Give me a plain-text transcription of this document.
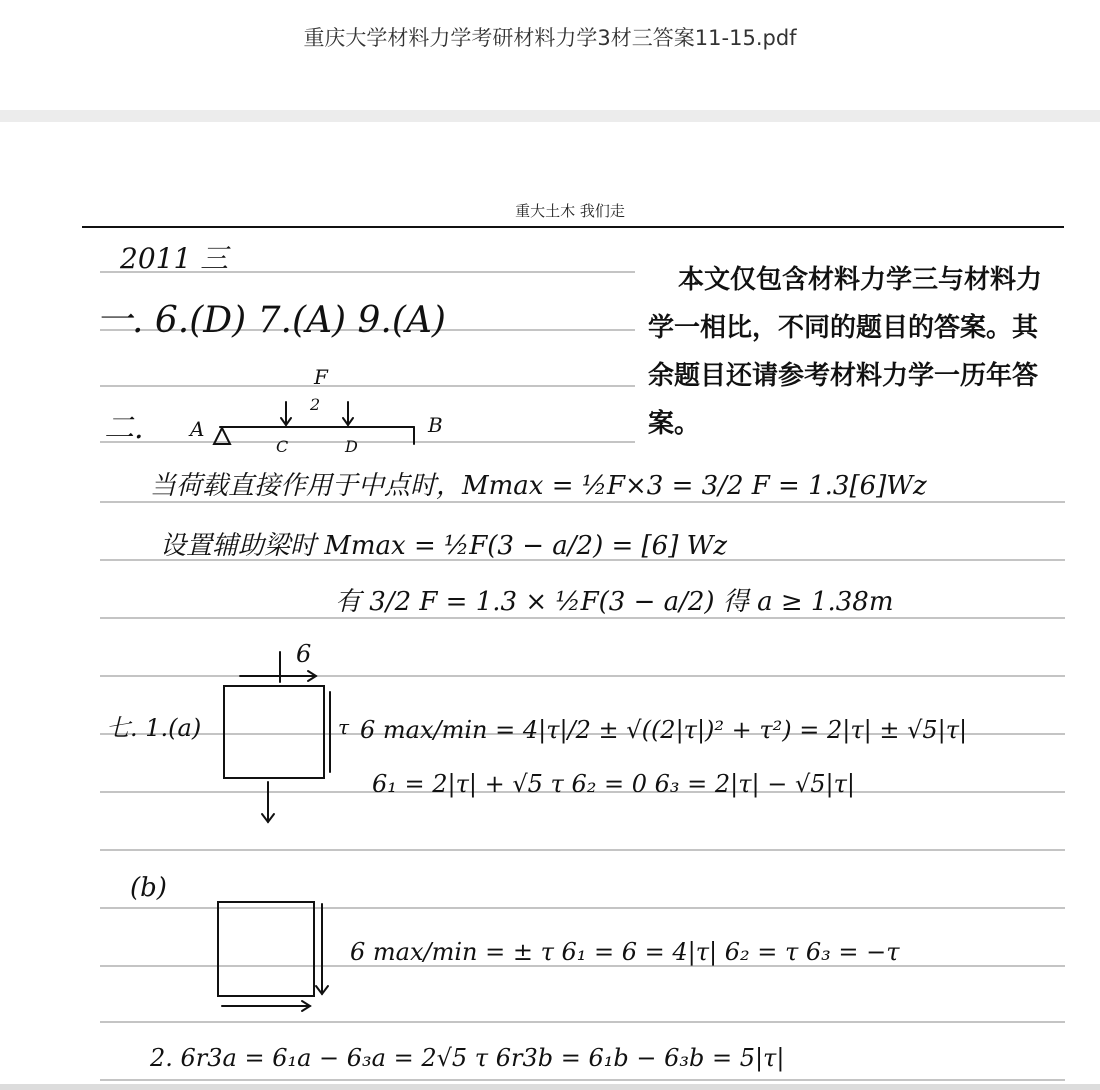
重庆大学材料力学考研材料力学3材三答案11-15.pdf
重大土木 我们走
2011 三
一. 6.(D) 7.(A) 9.(A)
二.
F
2
A	B
C	D
当荷载直接作用于中点时，Mmax = ½F×3 = 3/2 F = 1.3[6]Wz
设置辅助梁时 Mmax = ½F(3 − a/2) = [6] Wz
有 3/2 F = 1.3 × ½F(3 − a/2) 得 a ≥ 1.38m
6
七. 1.(a)	τ 6 max/min = 4|τ|/2 ± √((2|τ|)² + τ²) = 2|τ| ± √5|τ|
6₁ = 2|τ| + √5 τ 6₂ = 0 6₃ = 2|τ| − √5|τ|
(b)
6 max/min = ± τ 6₁ = 6 = 4|τ| 6₂ = τ 6₃ = −τ
2. 6r3a = 6₁a − 6₃a = 2√5 τ 6r3b = 6₁b − 6₃b = 5|τ|
本文仅包含材料力学三与材料力学一相比，不同的题目的答案。其余题目还请参考材料力学一历年答案。
